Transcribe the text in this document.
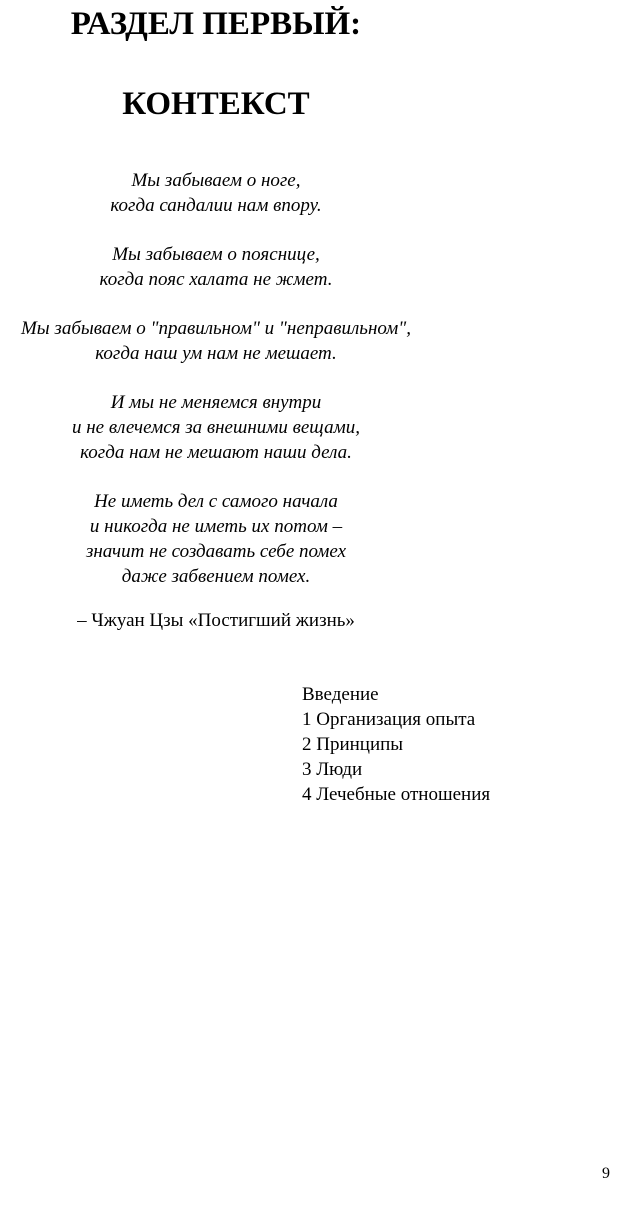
РАЗДЕЛ ПЕРВЫЙ:
КОНТЕКСТ
Мы забываем о ноге,
когда сандалии нам впору.
Мы забываем о пояснице,
когда пояс халата не жмет.
Мы забываем о "правильном" и "неправильном",
когда наш ум нам не мешает.
И мы не меняемся внутри
и не влечемся за внешними вещами,
когда нам не мешают наши дела.
Не иметь дел с самого начала
и никогда не иметь их потом –
значит не создавать себе помех
даже забвением помех.
– Чжуан Цзы «Постигший жизнь»
Введение
1 Организация опыта
2 Принципы
3 Люди
4 Лечебные отношения
9
